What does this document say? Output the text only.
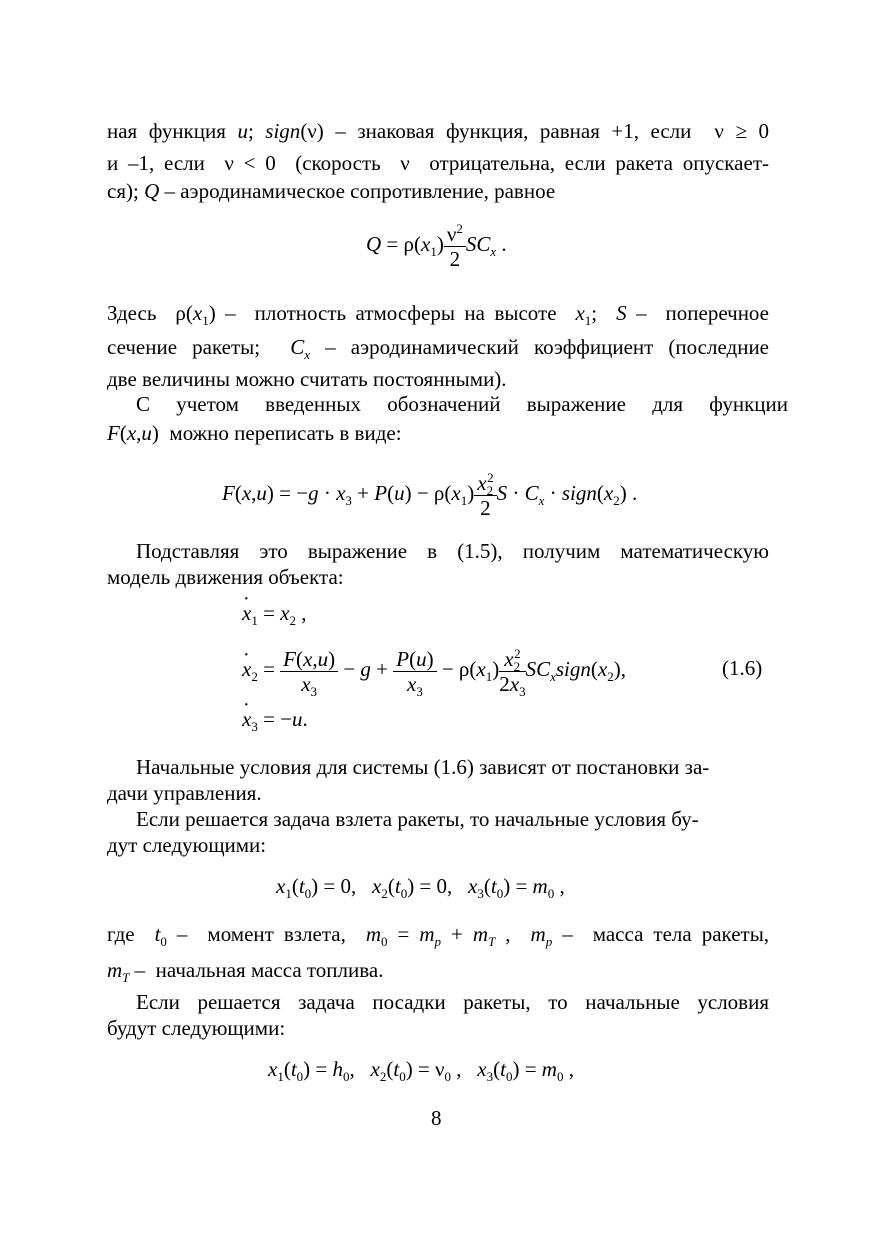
ная функция u; sign(ν) – знаковая функция, равная +1, если  ν ≥ 0
и –1, если  ν < 0  (скорость  ν  отрицательна, если ракета опускает-
ся); Q – аэродинамическое сопротивление, равное
$Q = \rho(x_1) \frac{\nu^2}{2} SC_x$ .
Здесь  $\rho(x_1)$ –  плотность атмосферы на высоте $x_1$;  S –  поперечное
сечение ракеты; $C_x$ – аэродинамический коэффициент (последние
две величины можно считать постоянными).
С учетом введенных обозначений выражение для функции
F(x,u)  можно переписать в виде:
$F(x,u) = -g \cdot x_3 + P(u) - \rho(x_1) \frac{x_2^2}{2}$ $S \cdot C_x$ · $sign(x_2)$ .
Подставляя это выражение в (1.5), получим математическую
модель движения объекта:
· $x_1 = x_2$ ,
· $x_2 = \frac{F(x,u)}{x_3} - g + \frac{P(u)}{x_3} - \rho(x_1) \frac{x_2^2}{2x_3}$ $SC_xsign(x_2)$,	(1.6)
· $x_3 = -u$.
Начальные условия для системы (1.6) зависят от постановки за-
дачи управления.
Если решается задача взлета ракеты, то начальные условия бу-
дут следующими:
$x_1(t_0) = 0$,   $x_2(t_0) = 0$,   $x_3(t_0) = m_0$ ,
где $t_0$ –  момент взлета, $m_0 = m_p + m_T$ ,  $m_p$ –  масса тела ракеты,
$m_T$ –  начальная масса топлива.
Если решается задача посадки ракеты, то начальные условия
будут следующими:
$x_1(t_0) = h_0$,   $x_2(t_0) = \nu_0$ ,   $x_3(t_0) = m_0$ ,
8
